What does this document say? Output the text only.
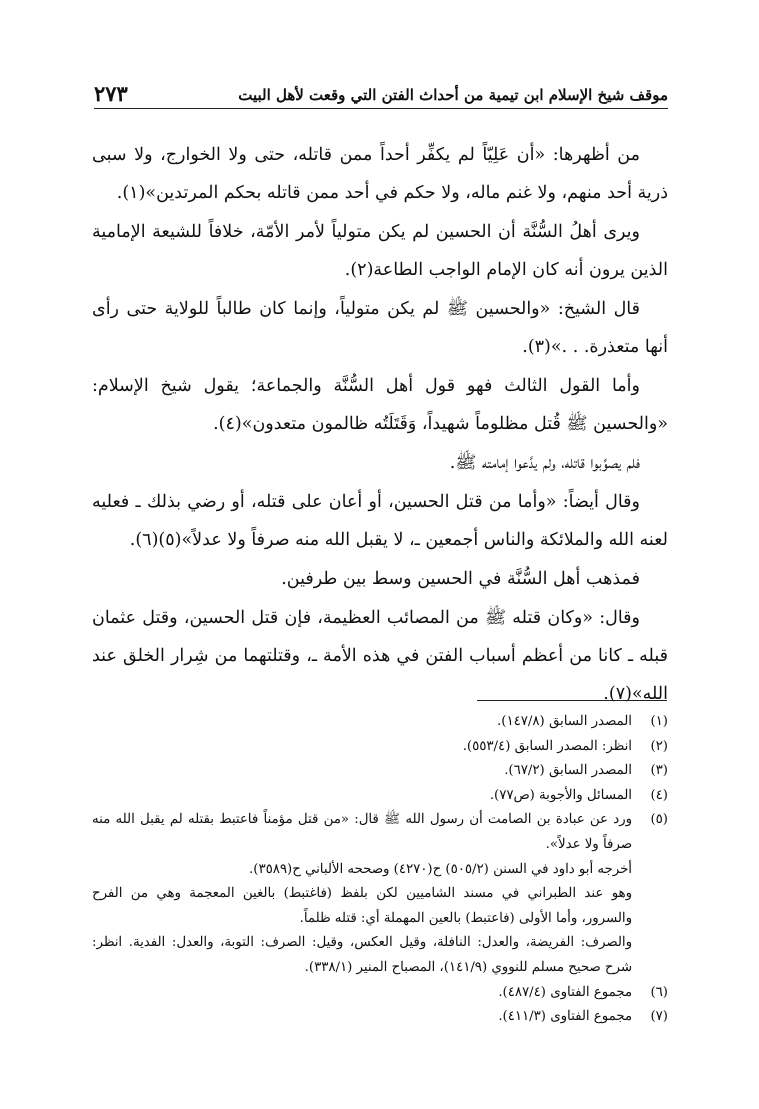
موقف شيخ الإسلام ابن تيمية من أحداث الفتن التي وقعت لأهل البيت
٢٧٣

من أظهرها: «أن عَلِيّاً لم يكفِّر أحداً ممن قاتله، حتى ولا الخوارج، ولا سبى ذرية أحد منهم، ولا غنم ماله، ولا حكم في أحد ممن قاتله بحكم المرتدين»(١).

ويرى أهلُ السُّنَّة أن الحسين لم يكن متولياً لأمر الأمّة، خلافاً للشيعة الإمامية الذين يرون أنه كان الإمام الواجب الطاعة(٢).

قال الشيخ: «والحسين ﷺ لم يكن متولياً، وإنما كان طالباً للولاية حتى رأى أنها متعذرة. . .»(٣).

وأما القول الثالث فهو قول أهل السُّنَّة والجماعة؛ يقول شيخ الإسلام: «والحسين ﷺ قُتل مظلوماً شهيداً، وَقَتَلَتُه ظالمون متعدون»(٤).

فلم يصوِّبوا قاتله، ولم يدَّعوا إمامته ﷺ.

وقال أيضاً: «وأما من قتل الحسين، أو أعان على قتله، أو رضي بذلك ـ فعليه لعنه الله والملائكة والناس أجمعين ـ، لا يقبل الله منه صرفاً ولا عدلاً»(٥)(٦).

فمذهب أهل السُّنَّة في الحسين وسط بين طرفين.

وقال: «وكان قتله ﷺ من المصائب العظيمة، فإن قتل الحسين، وقتل عثمان قبله ـ كانا من أعظم أسباب الفتن في هذه الأمة ـ، وقتلتهما من شِرار الخلق عند الله»(٧).

(١)

المصدر السابق (١٤٧/٨).

(٢)

انظر: المصدر السابق (٥٥٣/٤).

(٣)

المصدر السابق (٦٧/٢).

(٤)

المسائل والأجوبة (ص٧٧).

(٥)

ورد عن عبادة بن الصامت أن رسول الله ﷺ قال: «من قتل مؤمناً فاعتبط بقتله لم يقبل الله منه صرفاً ولا عدلاً».

أخرجه أبو داود في السنن (٥٠٥/٢) ح(٤٢٧٠) وصححه الألباني ح(٣٥٨٩).

وهو عند الطبراني في مسند الشاميين لكن بلفظ (فاغتبط) بالغين المعجمة وهي من الفرح والسرور، وأما الأولى (فاعتبط) بالعين المهملة أي: قتله ظلماً.

والصرف: الفريضة، والعدل: النافلة، وقيل العكس، وقيل: الصرف: التوبة، والعدل: الفدية. انظر: شرح صحيح مسلم للنووي (١٤١/٩)، المصباح المنير (٣٣٨/١).

(٦)

مجموع الفتاوى (٤٨٧/٤).

(٧)

مجموع الفتاوى (٤١١/٣).
